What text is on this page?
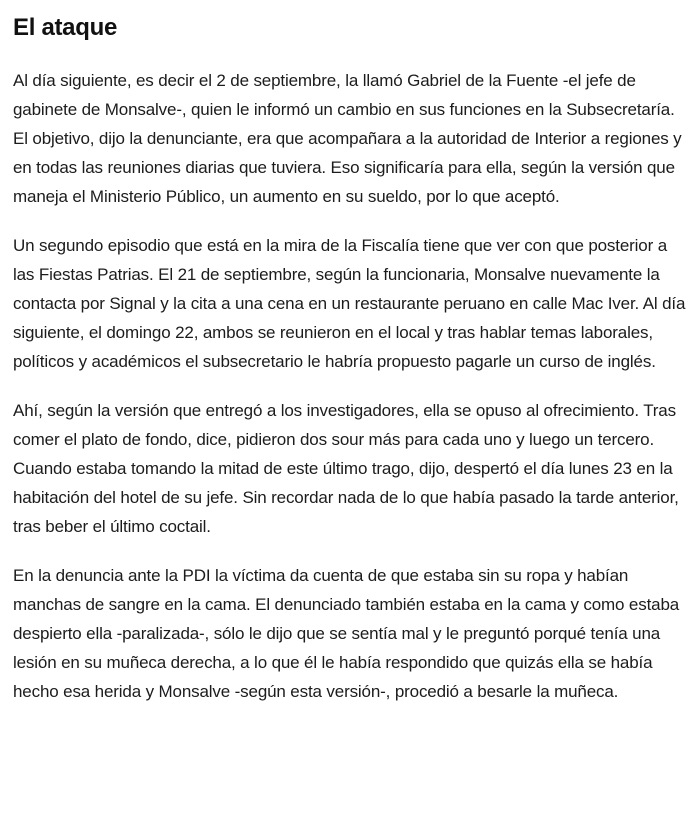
El ataque

Al día siguiente, es decir el 2 de septiembre, la llamó Gabriel de la Fuente -el jefe de gabinete de Monsalve-, quien le informó un cambio en sus funciones en la Subsecretaría. El objetivo, dijo la denunciante, era que acompañara a la autoridad de Interior a regiones y en todas las reuniones diarias que tuviera. Eso significaría para ella, según la versión que maneja el Ministerio Público, un aumento en su sueldo, por lo que aceptó.

Un segundo episodio que está en la mira de la Fiscalía tiene que ver con que posterior a las Fiestas Patrias. El 21 de septiembre, según la funcionaria, Monsalve nuevamente la contacta por Signal y la cita a una cena en un restaurante peruano en calle Mac Iver. Al día siguiente, el domingo 22, ambos se reunieron en el local y tras hablar temas laborales, políticos y académicos el subsecretario le habría propuesto pagarle un curso de inglés.

Ahí, según la versión que entregó a los investigadores, ella se opuso al ofrecimiento. Tras comer el plato de fondo, dice, pidieron dos sour más para cada uno y luego un tercero. Cuando estaba tomando la mitad de este último trago, dijo, despertó el día lunes 23 en la habitación del hotel de su jefe. Sin recordar nada de lo que había pasado la tarde anterior, tras beber el último coctail.

En la denuncia ante la PDI la víctima da cuenta de que estaba sin su ropa y habían manchas de sangre en la cama. El denunciado también estaba en la cama y como estaba despierto ella -paralizada-, sólo le dijo que se sentía mal y le preguntó porqué tenía una lesión en su muñeca derecha, a lo que él le había respondido que quizás ella se había hecho esa herida y Monsalve -según esta versión-, procedió a besarle la muñeca.
